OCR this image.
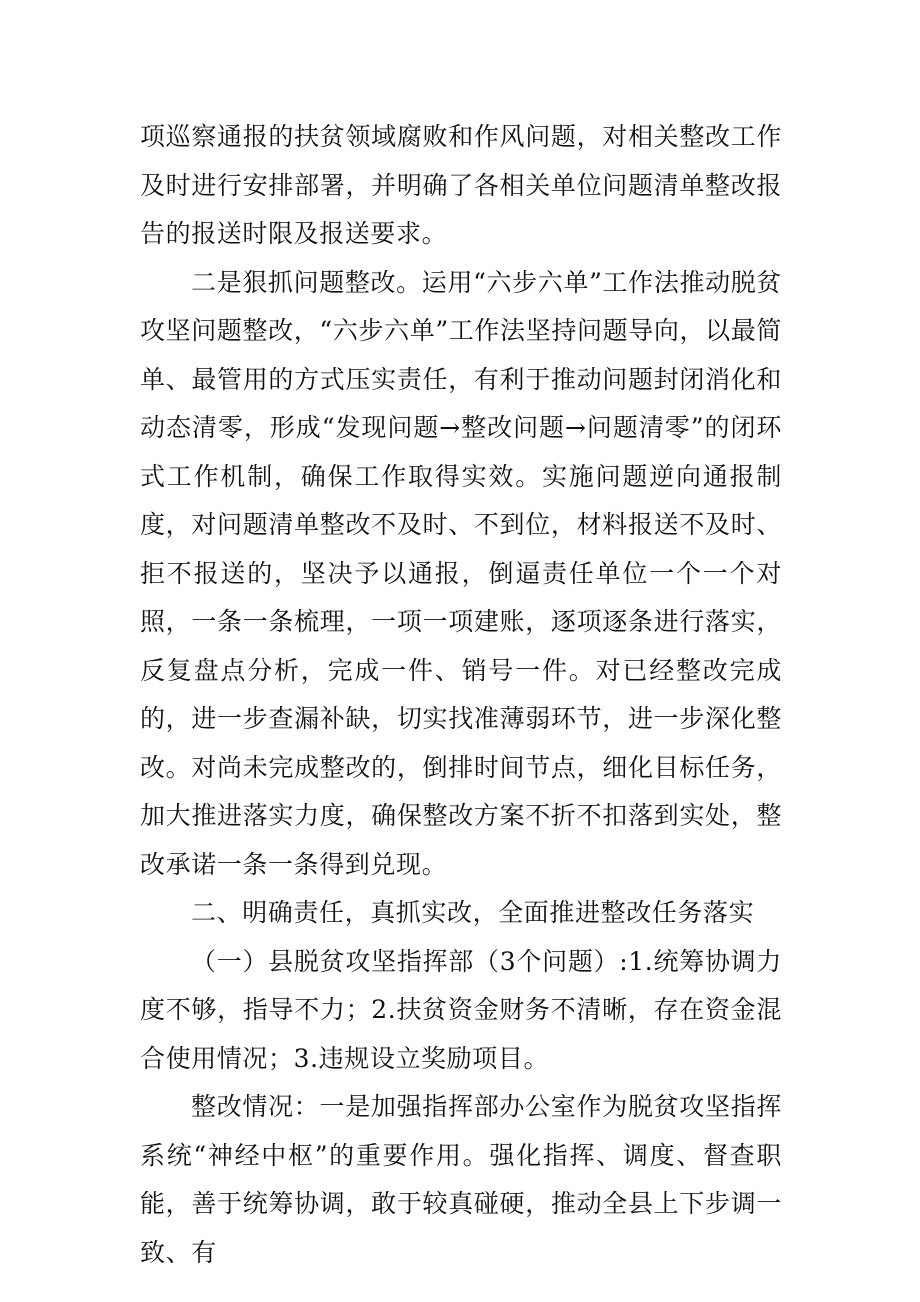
项巡察通报的扶贫领域腐败和作风问题，对相关整改工作及时进行安排部署，并明确了各相关单位问题清单整改报告的报送时限及报送要求。

二是狠抓问题整改。运用“六步六单”工作法推动脱贫攻坚问题整改，“六步六单”工作法坚持问题导向，以最简单、最管用的方式压实责任，有利于推动问题封闭消化和动态清零，形成“发现问题→整改问题→问题清零”的闭环式工作机制，确保工作取得实效。实施问题逆向通报制度，对问题清单整改不及时、不到位，材料报送不及时、拒不报送的，坚决予以通报，倒逼责任单位一个一个对照，一条一条梳理，一项一项建账，逐项逐条进行落实，反复盘点分析，完成一件、销号一件。对已经整改完成的，进一步查漏补缺，切实找准薄弱环节，进一步深化整改。对尚未完成整改的，倒排时间节点，细化目标任务，加大推进落实力度，确保整改方案不折不扣落到实处，整改承诺一条一条得到兑现。

二、明确责任，真抓实改，全面推进整改任务落实

（一）县脱贫攻坚指挥部（3个问题）:1.统筹协调力度不够，指导不力；2.扶贫资金财务不清晰，存在资金混合使用情况；3.违规设立奖励项目。

整改情况：一是加强指挥部办公室作为脱贫攻坚指挥系统“神经中枢”的重要作用。强化指挥、调度、督查职能，善于统筹协调，敢于较真碰硬，推动全县上下步调一致、有
